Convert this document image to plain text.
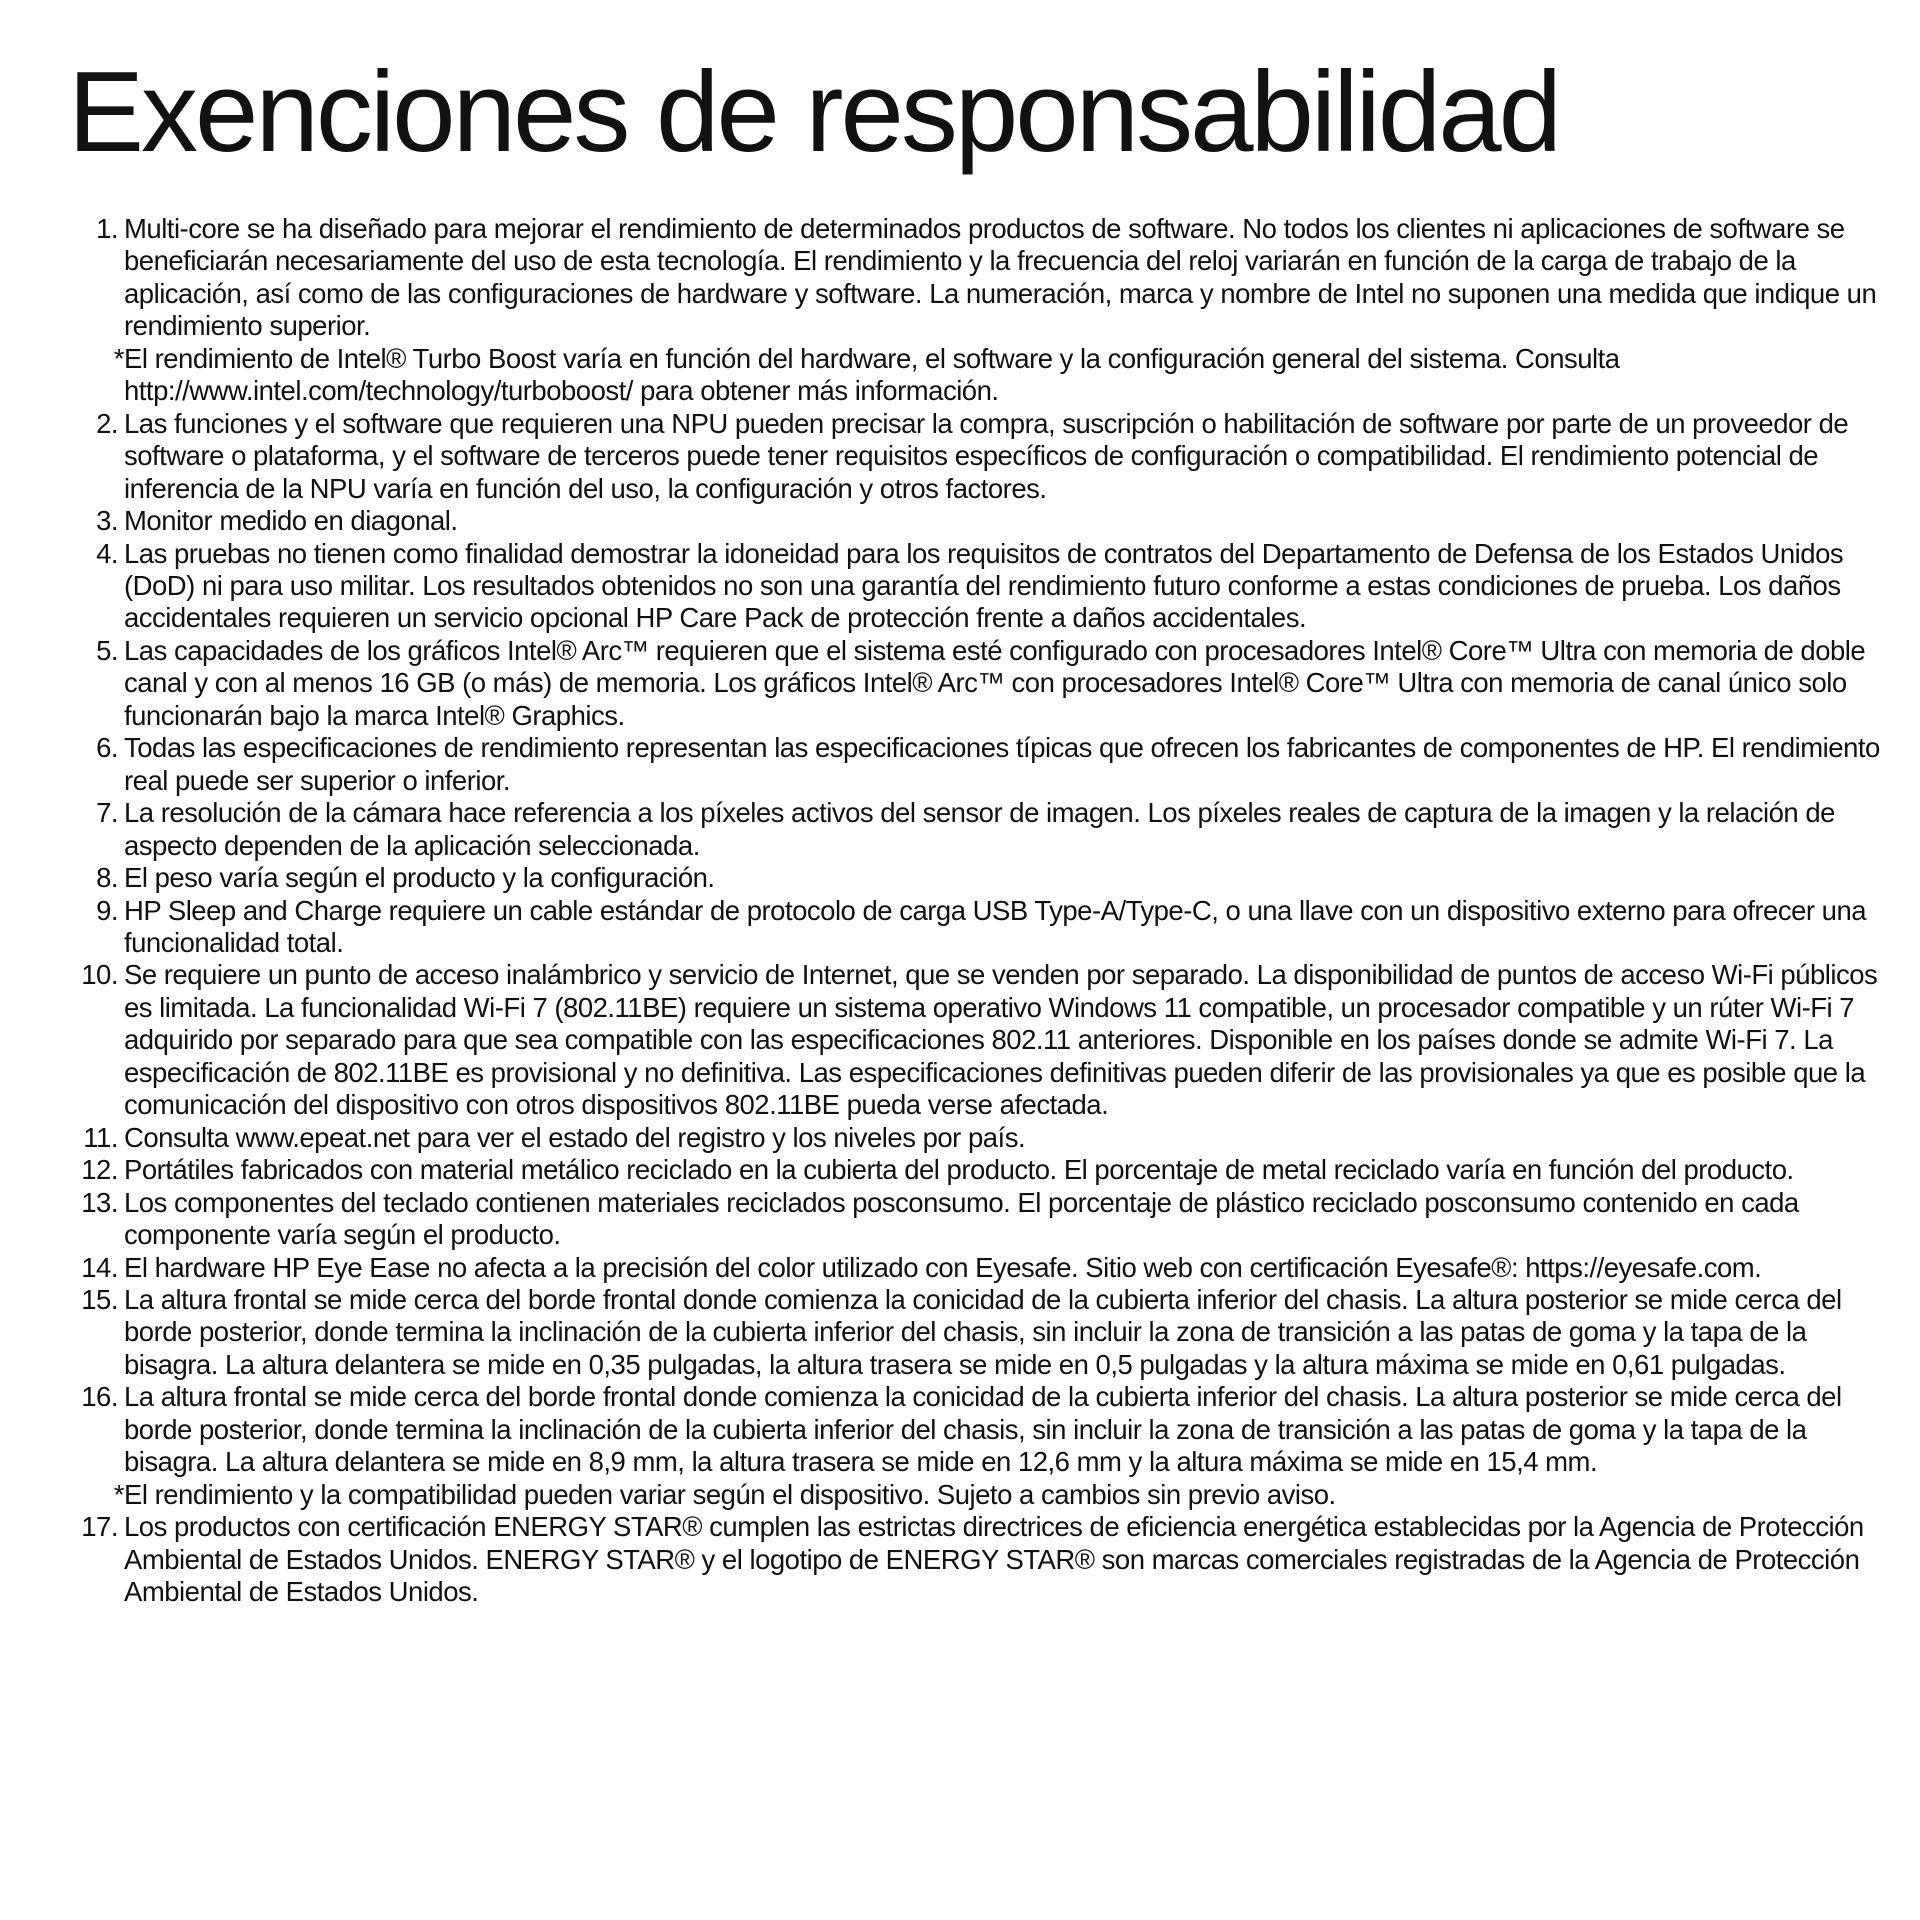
Exenciones de responsabilidad
1. Multi-core se ha diseñado para mejorar el rendimiento de determinados productos de software. No todos los clientes ni aplicaciones de software se beneficiarán necesariamente del uso de esta tecnología. El rendimiento y la frecuencia del reloj variarán en función de la carga de trabajo de la aplicación, así como de las configuraciones de hardware y software. La numeración, marca y nombre de Intel no suponen una medida que indique un rendimiento superior.
* El rendimiento de Intel® Turbo Boost varía en función del hardware, el software y la configuración general del sistema. Consulta http://www.intel.com/technology/turboboost/ para obtener más información.
2. Las funciones y el software que requieren una NPU pueden precisar la compra, suscripción o habilitación de software por parte de un proveedor de software o plataforma, y el software de terceros puede tener requisitos específicos de configuración o compatibilidad. El rendimiento potencial de inferencia de la NPU varía en función del uso, la configuración y otros factores.
3. Monitor medido en diagonal.
4. Las pruebas no tienen como finalidad demostrar la idoneidad para los requisitos de contratos del Departamento de Defensa de los Estados Unidos (DoD) ni para uso militar. Los resultados obtenidos no son una garantía del rendimiento futuro conforme a estas condiciones de prueba. Los daños accidentales requieren un servicio opcional HP Care Pack de protección frente a daños accidentales.
5. Las capacidades de los gráficos Intel® Arc™ requieren que el sistema esté configurado con procesadores Intel® Core™ Ultra con memoria de doble canal y con al menos 16 GB (o más) de memoria. Los gráficos Intel® Arc™ con procesadores Intel® Core™ Ultra con memoria de canal único solo funcionarán bajo la marca Intel® Graphics.
6. Todas las especificaciones de rendimiento representan las especificaciones típicas que ofrecen los fabricantes de componentes de HP. El rendimiento real puede ser superior o inferior.
7. La resolución de la cámara hace referencia a los píxeles activos del sensor de imagen. Los píxeles reales de captura de la imagen y la relación de aspecto dependen de la aplicación seleccionada.
8. El peso varía según el producto y la configuración.
9. HP Sleep and Charge requiere un cable estándar de protocolo de carga USB Type-A/Type-C, o una llave con un dispositivo externo para ofrecer una funcionalidad total.
10. Se requiere un punto de acceso inalámbrico y servicio de Internet, que se venden por separado. La disponibilidad de puntos de acceso Wi-Fi públicos es limitada. La funcionalidad Wi-Fi 7 (802.11BE) requiere un sistema operativo Windows 11 compatible, un procesador compatible y un rúter Wi-Fi 7 adquirido por separado para que sea compatible con las especificaciones 802.11 anteriores. Disponible en los países donde se admite Wi-Fi 7. La especificación de 802.11BE es provisional y no definitiva. Las especificaciones definitivas pueden diferir de las provisionales ya que es posible que la comunicación del dispositivo con otros dispositivos 802.11BE pueda verse afectada.
11. Consulta www.epeat.net para ver el estado del registro y los niveles por país.
12. Portátiles fabricados con material metálico reciclado en la cubierta del producto. El porcentaje de metal reciclado varía en función del producto.
13. Los componentes del teclado contienen materiales reciclados posconsumo. El porcentaje de plástico reciclado posconsumo contenido en cada componente varía según el producto.
14. El hardware HP Eye Ease no afecta a la precisión del color utilizado con Eyesafe. Sitio web con certificación Eyesafe®: https://eyesafe.com.
15. La altura frontal se mide cerca del borde frontal donde comienza la conicidad de la cubierta inferior del chasis. La altura posterior se mide cerca del borde posterior, donde termina la inclinación de la cubierta inferior del chasis, sin incluir la zona de transición a las patas de goma y la tapa de la bisagra. La altura delantera se mide en 0,35 pulgadas, la altura trasera se mide en 0,5 pulgadas y la altura máxima se mide en 0,61 pulgadas.
16. La altura frontal se mide cerca del borde frontal donde comienza la conicidad de la cubierta inferior del chasis. La altura posterior se mide cerca del borde posterior, donde termina la inclinación de la cubierta inferior del chasis, sin incluir la zona de transición a las patas de goma y la tapa de la bisagra. La altura delantera se mide en 8,9 mm, la altura trasera se mide en 12,6 mm y la altura máxima se mide en 15,4 mm.
* El rendimiento y la compatibilidad pueden variar según el dispositivo. Sujeto a cambios sin previo aviso.
17. Los productos con certificación ENERGY STAR® cumplen las estrictas directrices de eficiencia energética establecidas por la Agencia de Protección Ambiental de Estados Unidos. ENERGY STAR® y el logotipo de ENERGY STAR® son marcas comerciales registradas de la Agencia de Protección Ambiental de Estados Unidos.
